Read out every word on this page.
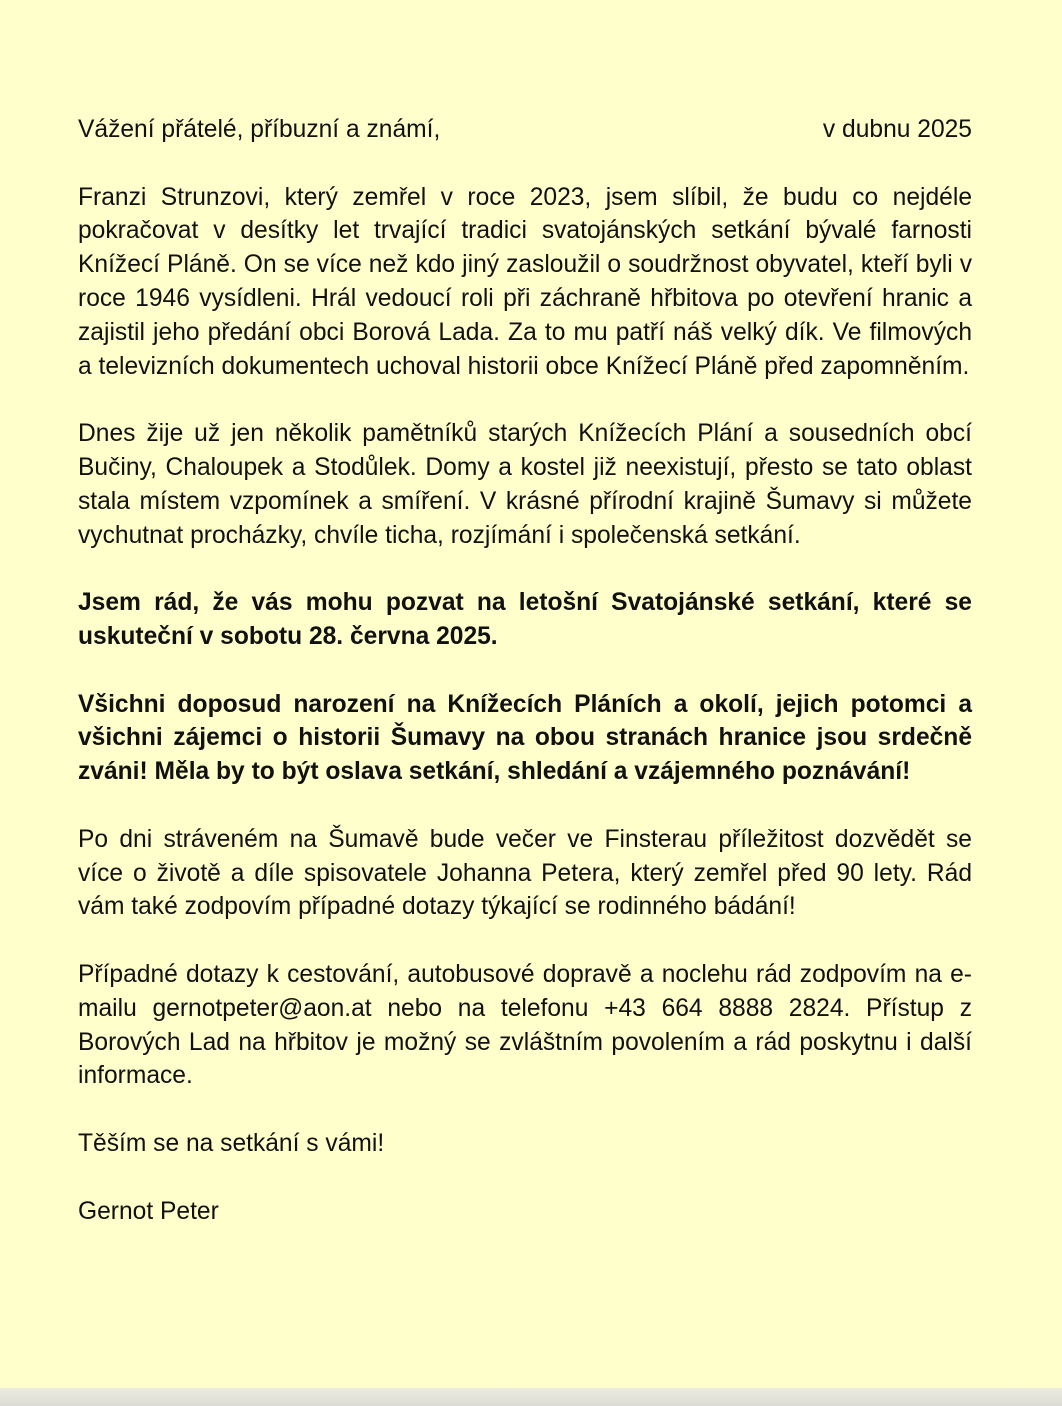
Vážení přátelé, příbuzní a známí,	v dubnu 2025

Franzi Strunzovi, který zemřel v roce 2023, jsem slíbil, že budu co nejdéle pokračovat v desítky let trvající tradici svatojánských setkání bývalé farnosti Knížecí Pláně. On se více než kdo jiný zasloužil o soudržnost obyvatel, kteří byli v roce 1946 vysídleni. Hrál vedoucí roli při záchraně hřbitova po otevření hranic a zajistil jeho předání obci Borová Lada. Za to mu patří náš velký dík. Ve filmových a televizních dokumentech uchoval historii obce Knížecí Pláně před zapomněním.

Dnes žije už jen několik pamětníků starých Knížecích Plání a sousedních obcí Bučiny, Chaloupek a Stodůlek. Domy a kostel již neexistují, přesto se tato oblast stala místem vzpomínek a smíření. V krásné přírodní krajině Šumavy si můžete vychutnat procházky, chvíle ticha, rozjímání i společenská setkání.

Jsem rád, že vás mohu pozvat na letošní Svatojánské setkání, které se uskuteční v sobotu 28. června 2025.

Všichni doposud narození na Knížecích Pláních a okolí, jejich potomci a všichni zájemci o historii Šumavy na obou stranách hranice jsou srdečně zváni! Měla by to být oslava setkání, shledání a vzájemného poznávání!

Po dni stráveném na Šumavě bude večer ve Finsterau příležitost dozvědět se více o životě a díle spisovatele Johanna Petera, který zemřel před 90 lety. Rád vám také zodpovím případné dotazy týkající se rodinného bádání!

Případné dotazy k cestování, autobusové dopravě a noclehu rád zodpovím na e-mailu gernotpeter@aon.at nebo na telefonu +43 664 8888 2824. Přístup z Borových Lad na hřbitov je možný se zvláštním povolením a rád poskytnu i další informace.

Těším se na setkání s vámi!

Gernot Peter
